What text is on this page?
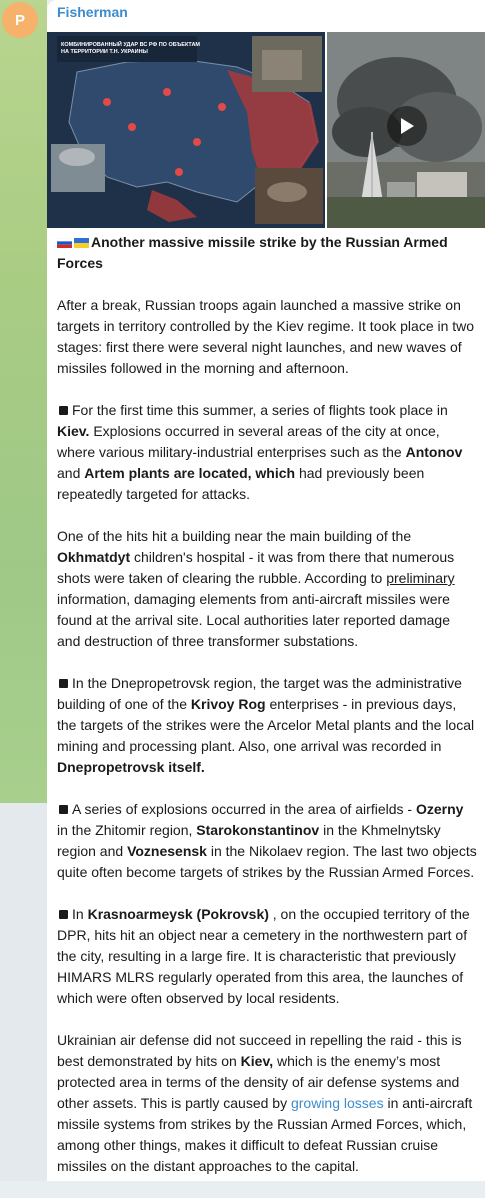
P	Fisherman
КОМБИНИРОВАННЫЙ УДАР ВС РФ ПО ОБЪЕКТАМ
НА ТЕРРИТОРИИ Т.Н. УКРАИНЫ

Another massive missile strike by the Russian Armed Forces

After a break, Russian troops again launched a massive strike on targets in territory controlled by the Kiev regime. It took place in two stages: first there were several night launches, and new waves of missiles followed in the morning and afternoon.

For the first time this summer, a series of flights took place in Kiev. Explosions occurred in several areas of the city at once, where various military-industrial enterprises such as the Antonov and Artem plants are located, which had previously been repeatedly targeted for attacks.

One of the hits hit a building near the main building of the Okhmatdyt children's hospital - it was from there that numerous shots were taken of clearing the rubble. According to preliminary information, damaging elements from anti-aircraft missiles were found at the arrival site. Local authorities later reported damage and destruction of three transformer substations.

In the Dnepropetrovsk region, the target was the administrative building of one of the Krivoy Rog enterprises - in previous days, the targets of the strikes were the Arcelor Metal plants and the local mining and processing plant. Also, one arrival was recorded in Dnepropetrovsk itself.

A series of explosions occurred in the area of airfields - Ozerny in the Zhitomir region, Starokonstantinov in the Khmelnytsky region and Voznesensk in the Nikolaev region. The last two objects quite often become targets of strikes by the Russian Armed Forces.

In Krasnoarmeysk (Pokrovsk) , on the occupied territory of the DPR, hits hit an object near a cemetery in the northwestern part of the city, resulting in a large fire. It is characteristic that previously HIMARS MLRS regularly operated from this area, the launches of which were often observed by local residents.

Ukrainian air defense did not succeed in repelling the raid - this is best demonstrated by hits on Kiev, which is the enemy’s most protected area in terms of the density of air defense systems and other assets. This is partly caused by growing losses in anti-aircraft missile systems from strikes by the Russian Armed Forces, which, among other things, makes it difficult to defeat Russian cruise missiles on the distant approaches to the capital.
